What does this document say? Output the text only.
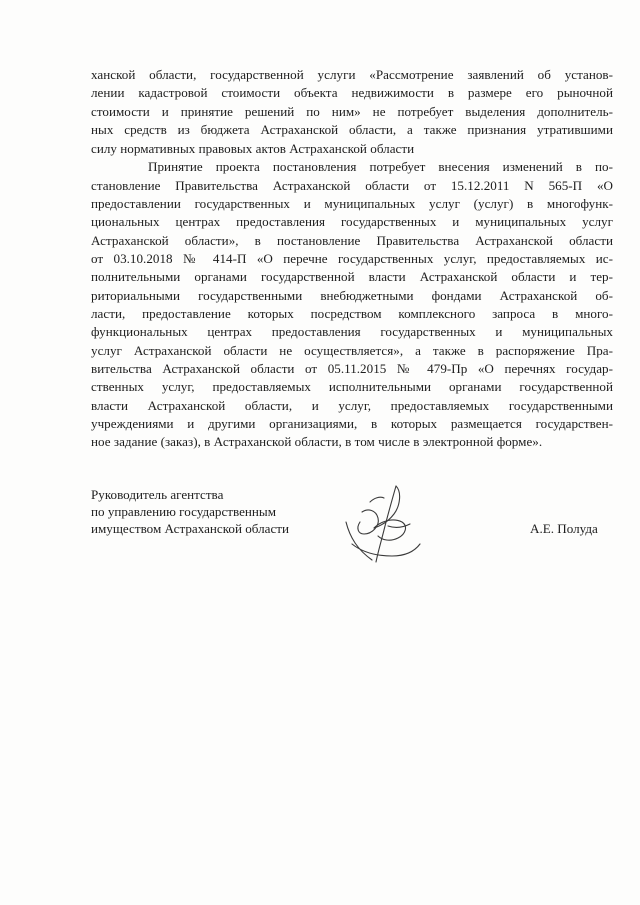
ханской области, государственной услуги «Рассмотрение заявлений об установ-
лении кадастровой стоимости объекта недвижимости в размере его рыночной
стоимости и принятие решений по ним» не потребует выделения дополнитель-
ных средств из бюджета Астраханской области, а также признания утратившими
силу нормативных правовых актов Астраханской области
Принятие проекта постановления потребует внесения изменений в по-
становление Правительства Астраханской области от 15.12.2011 N 565-П «О
предоставлении государственных и муниципальных услуг (услуг) в многофунк-
циональных центрах предоставления государственных и муниципальных услуг
Астраханской области», в постановление Правительства Астраханской области
от 03.10.2018 № 414-П «О перечне государственных услуг, предоставляемых ис-
полнительными органами государственной власти Астраханской области и тер-
риториальными государственными внебюджетными фондами Астраханской об-
ласти, предоставление которых посредством комплексного запроса в много-
функциональных центрах предоставления государственных и муниципальных
услуг Астраханской области не осуществляется», а также в распоряжение Пра-
вительства Астраханской области от 05.11.2015 № 479-Пр «О перечнях государ-
ственных услуг, предоставляемых исполнительными органами государственной
власти Астраханской области, и услуг, предоставляемых государственными
учреждениями и другими организациями, в которых размещается государствен-
ное задание (заказ), в Астраханской области, в том числе в электронной форме».
Руководитель агентства
по управлению государственным
имуществом Астраханской области	А.Е. Полуда
